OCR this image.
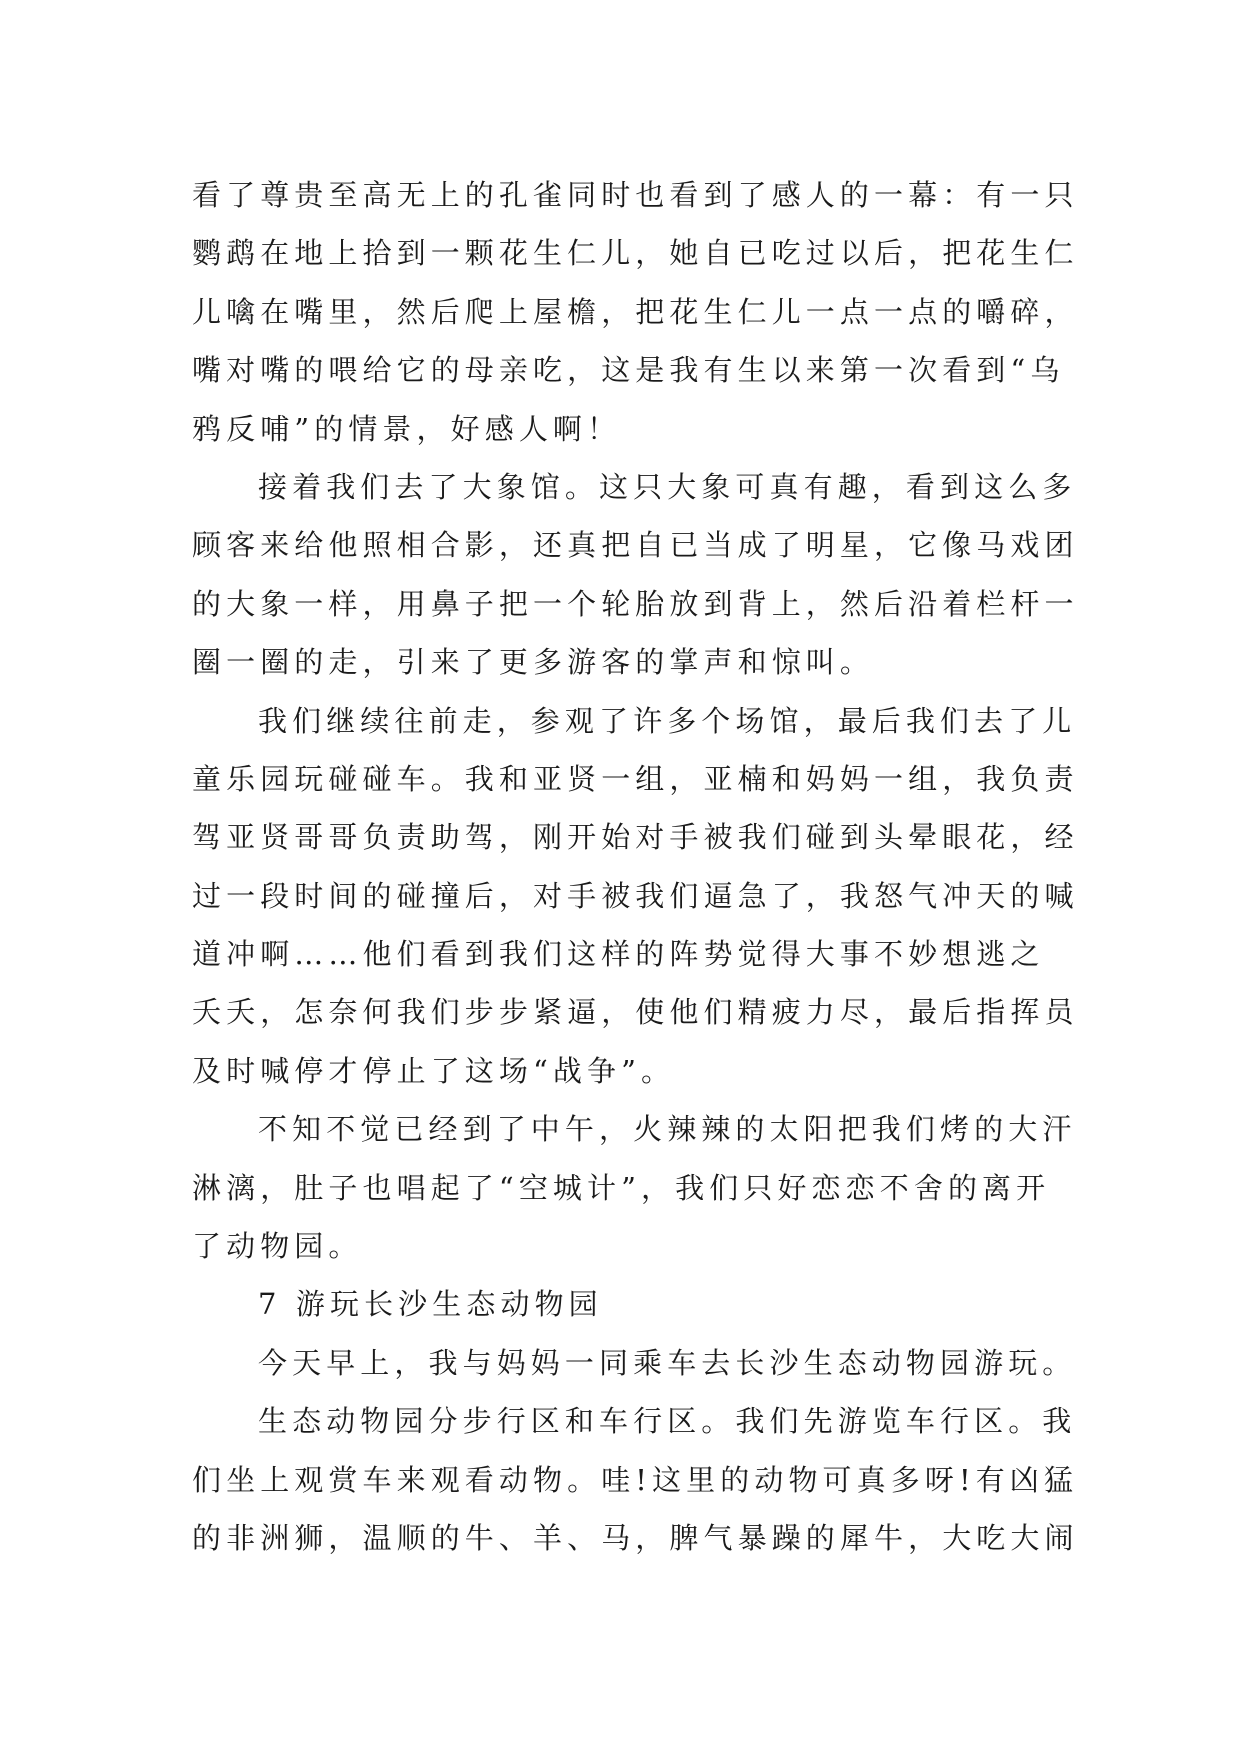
看了尊贵至高无上的孔雀同时也看到了感人的一幕：有一只
鹦鹉在地上拾到一颗花生仁儿，她自已吃过以后，把花生仁
儿噙在嘴里，然后爬上屋檐，把花生仁儿一点一点的嚼碎，
嘴对嘴的喂给它的母亲吃，这是我有生以来第一次看到“乌
鸦反哺”的情景，好感人啊！
接着我们去了大象馆。这只大象可真有趣，看到这么多
顾客来给他照相合影，还真把自已当成了明星，它像马戏团
的大象一样，用鼻子把一个轮胎放到背上，然后沿着栏杆一
圈一圈的走，引来了更多游客的掌声和惊叫。
我们继续往前走，参观了许多个场馆，最后我们去了儿
童乐园玩碰碰车。我和亚贤一组，亚楠和妈妈一组，我负责
驾亚贤哥哥负责助驾，刚开始对手被我们碰到头晕眼花，经
过一段时间的碰撞后，对手被我们逼急了，我怒气冲天的喊
道冲啊……他们看到我们这样的阵势觉得大事不妙想逃之
夭夭，怎奈何我们步步紧逼，使他们精疲力尽，最后指挥员
及时喊停才停止了这场“战争”。
不知不觉已经到了中午，火辣辣的太阳把我们烤的大汗
淋漓，肚子也唱起了“空城计”，我们只好恋恋不舍的离开
了动物园。
7 游玩长沙生态动物园
今天早上，我与妈妈一同乘车去长沙生态动物园游玩。
生态动物园分步行区和车行区。我们先游览车行区。我
们坐上观赏车来观看动物。哇!这里的动物可真多呀!有凶猛
的非洲狮，温顺的牛、羊、马，脾气暴躁的犀牛，大吃大闹
